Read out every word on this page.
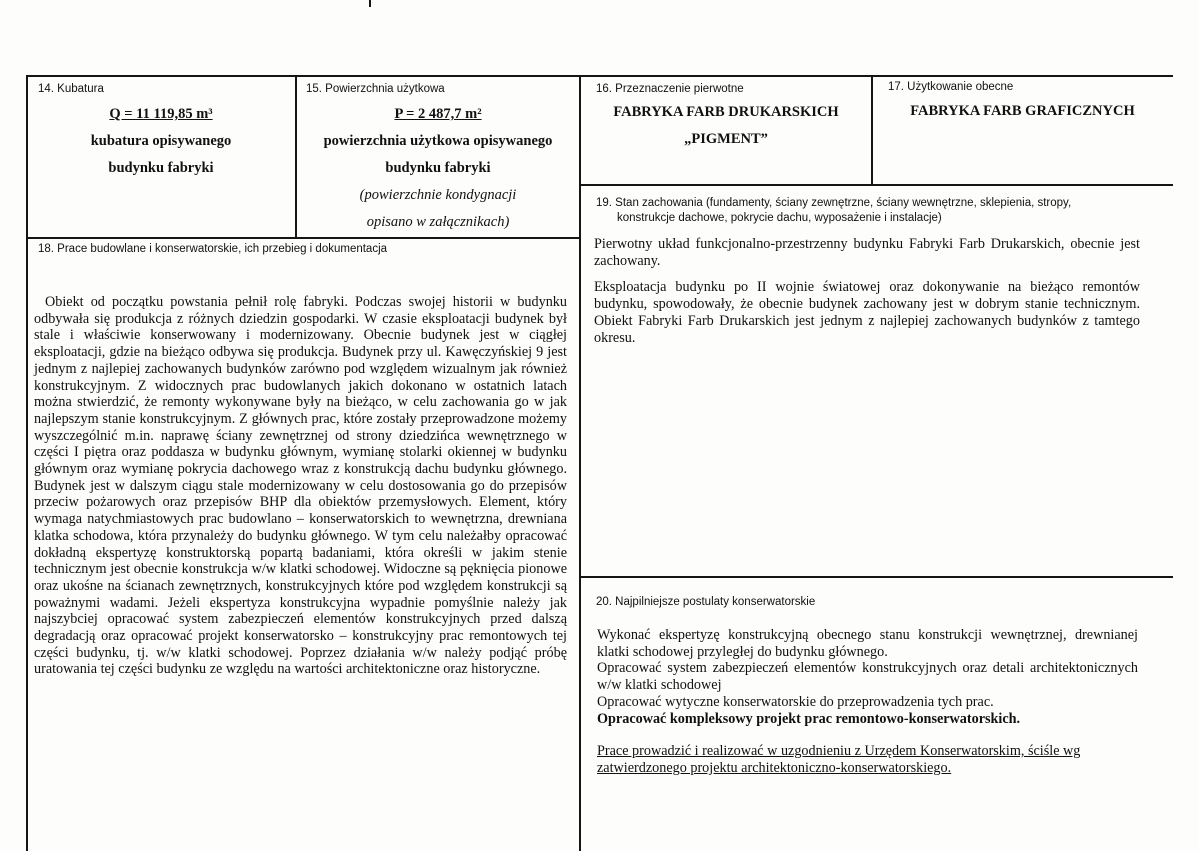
14. Kubatura
Q = 11 119,85 m³
kubatura opisywanego
budynku fabryki
15. Powierzchnia użytkowa
P = 2 487,7 m²
powierzchnia użytkowa opisywanego
budynku fabryki
(powierzchnie kondygnacji
opisano w załącznikach)
16. Przeznaczenie pierwotne
FABRYKA FARB DRUKARSKICH
„PIGMENT”
17. Użytkowanie obecne
FABRYKA FARB GRAFICZNYCH
18. Prace budowlane i konserwatorskie, ich przebieg i dokumentacja

Obiekt od początku powstania pełnił rolę fabryki. Podczas swojej historii w budynku odbywała się produkcja z różnych dziedzin gospodarki. W czasie eksploatacji budynek był stale i właściwie konserwowany i modernizowany. Obecnie budynek jest w ciągłej eksploatacji, gdzie na bieżąco odbywa się produkcja. Budynek przy ul. Kawęczyńskiej 9 jest jednym z najlepiej zachowanych budynków zarówno pod względem wizualnym jak również konstrukcyjnym. Z widocznych prac budowlanych jakich dokonano w ostatnich latach można stwierdzić, że remonty wykonywane były na bieżąco, w celu zachowania go w jak najlepszym stanie konstrukcyjnym. Z głównych prac, które zostały przeprowadzone możemy wyszczególnić m.in. naprawę ściany zewnętrznej od strony dziedzińca wewnętrznego w części I piętra oraz poddasza w budynku głównym, wymianę stolarki okiennej w budynku głównym oraz wymianę pokrycia dachowego wraz z konstrukcją dachu budynku głównego. Budynek jest w dalszym ciągu stale modernizowany w celu dostosowania go do przepisów przeciw pożarowych oraz przepisów BHP dla obiektów przemysłowych. Element, który wymaga natychmiastowych prac budowlano – konserwatorskich to wewnętrzna, drewniana klatka schodowa, która przynależy do budynku głównego. W tym celu należałby opracować dokładną ekspertyzę konstruktorską popartą badaniami, która określi w jakim stenie technicznym jest obecnie konstrukcja w/w klatki schodowej. Widoczne są pęknięcia pionowe oraz ukośne na ścianach zewnętrznych, konstrukcyjnych które pod względem konstrukcji są poważnymi wadami. Jeżeli ekspertyza konstrukcyjna wypadnie pomyślnie należy jak najszybciej opracować system zabezpieczeń elementów konstrukcyjnych przed dalszą degradacją oraz opracować projekt konserwatorsko – konstrukcyjny prac remontowych tej części budynku, tj. w/w klatki schodowej. Poprzez działania w/w należy podjąć próbę uratowania tej części budynku ze względu na wartości architektoniczne oraz historyczne.

19. Stan zachowania (fundamenty, ściany zewnętrzne, ściany wewnętrzne, sklepienia, stropy,
konstrukcje dachowe, pokrycie dachu, wyposażenie i instalacje)

Pierwotny układ funkcjonalno-przestrzenny budynku Fabryki Farb Drukarskich, obecnie jest zachowany.

Eksploatacja budynku po II wojnie światowej oraz dokonywanie na bieżąco remontów budynku, spowodowały, że obecnie budynek zachowany jest w dobrym stanie technicznym. Obiekt Fabryki Farb Drukarskich jest jednym z najlepiej zachowanych budynków z tamtego okresu.

20. Najpilniejsze postulaty konserwatorskie

Wykonać ekspertyzę konstrukcyjną obecnego stanu konstrukcji wewnętrznej, drewnianej klatki schodowej przyległej do budynku głównego.

Opracować system zabezpieczeń elementów konstrukcyjnych oraz detali architektonicznych w/w klatki schodowej

Opracować wytyczne konserwatorskie do przeprowadzenia tych prac.

Opracować kompleksowy projekt prac remontowo-konserwatorskich.

Prace prowadzić i realizować w uzgodnieniu z Urzędem Konserwatorskim, ściśle wg zatwierdzonego projektu architektoniczno-konserwatorskiego.
